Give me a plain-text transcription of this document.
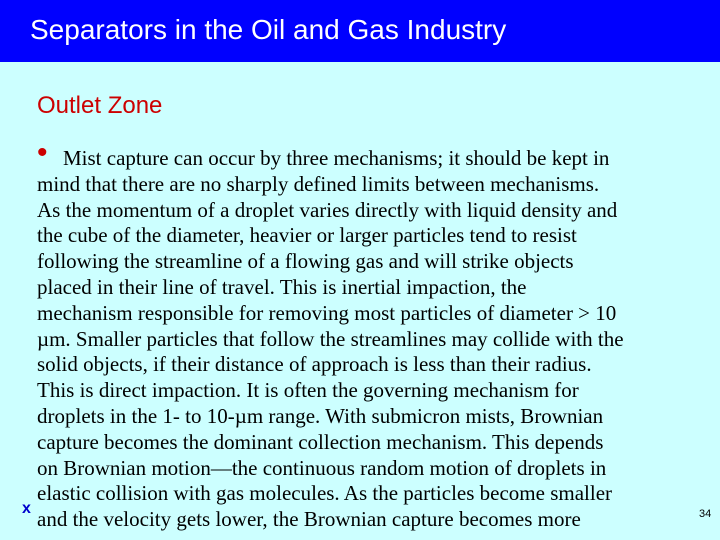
Separators in the Oil and Gas Industry
Outlet Zone
• Mist capture can occur by three mechanisms; it should be kept in
mind that there are no sharply defined limits between mechanisms.
As the momentum of a droplet varies directly with liquid density and
the cube of the diameter, heavier or larger particles tend to resist
following the streamline of a flowing gas and will strike objects
placed in their line of travel. This is inertial impaction, the
mechanism responsible for removing most particles of diameter > 10
µm. Smaller particles that follow the streamlines may collide with the
solid objects, if their distance of approach is less than their radius.
This is direct impaction. It is often the governing mechanism for
droplets in the 1- to 10-µm range. With submicron mists, Brownian
capture becomes the dominant collection mechanism. This depends
on Brownian motion—the continuous random motion of droplets in
elastic collision with gas molecules. As the particles become smaller
and the velocity gets lower, the Brownian capture becomes more
x	34
